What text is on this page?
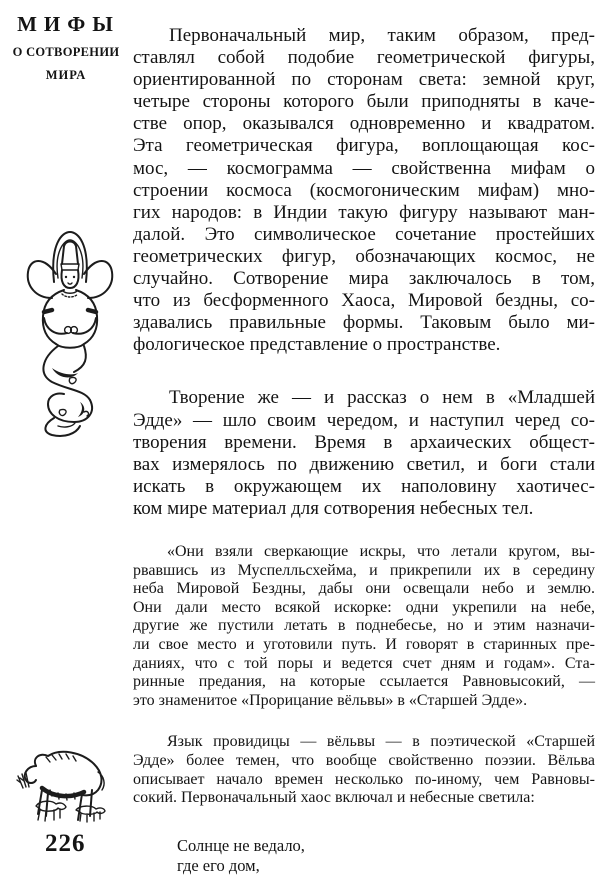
МИФЫ
О СОТВОРЕНИИ
МИРА
226
Первоначальный мир, таким образом, пред-
ставлял собой подобие геометрической фигуры,
ориентированной по сторонам света: земной круг,
четыре стороны которого были приподняты в каче-
стве опор, оказывался одновременно и квадратом.
Эта геометрическая фигура, воплощающая кос-
мос, — космограмма — свойственна мифам о
строении космоса (космогоническим мифам) мно-
гих народов: в Индии такую фигуру называют ман-
далой. Это символическое сочетание простейших
геометрических фигур, обозначающих космос, не
случайно. Сотворение мира заключалось в том,
что из бесформенного Хаоса, Мировой бездны, со-
здавались правильные формы. Таковым было ми-
фологическое представление о пространстве.
Творение же — и рассказ о нем в «Младшей
Эдде» — шло своим чередом, и наступил черед со-
творения времени. Время в архаических общест-
вах измерялось по движению светил, и боги стали
искать в окружающем их наполовину хаотичес-
ком мире материал для сотворения небесных тел.
«Они взяли сверкающие искры, что летали кругом, вы-
рвавшись из Муспелльсхейма, и прикрепили их в середину
неба Мировой Бездны, дабы они освещали небо и землю.
Они дали место всякой искорке: одни укрепили на небе,
другие же пустили летать в поднебесье, но и этим назначи-
ли свое место и уготовили путь. И говорят в старинных пре-
даниях, что с той поры и ведется счет дням и годам». Ста-
ринные предания, на которые ссылается Равновысокий, —
это знаменитое «Прорицание вёльвы» в «Старшей Эдде».
Язык провидицы — вёльвы — в поэтической «Старшей
Эдде» более темен, что вообще свойственно поэзии. Вёльва
описывает начало времен несколько по-иному, чем Равновы-
сокий. Первоначальный хаос включал и небесные светила:
Солнце не ведало,
где его дом,
